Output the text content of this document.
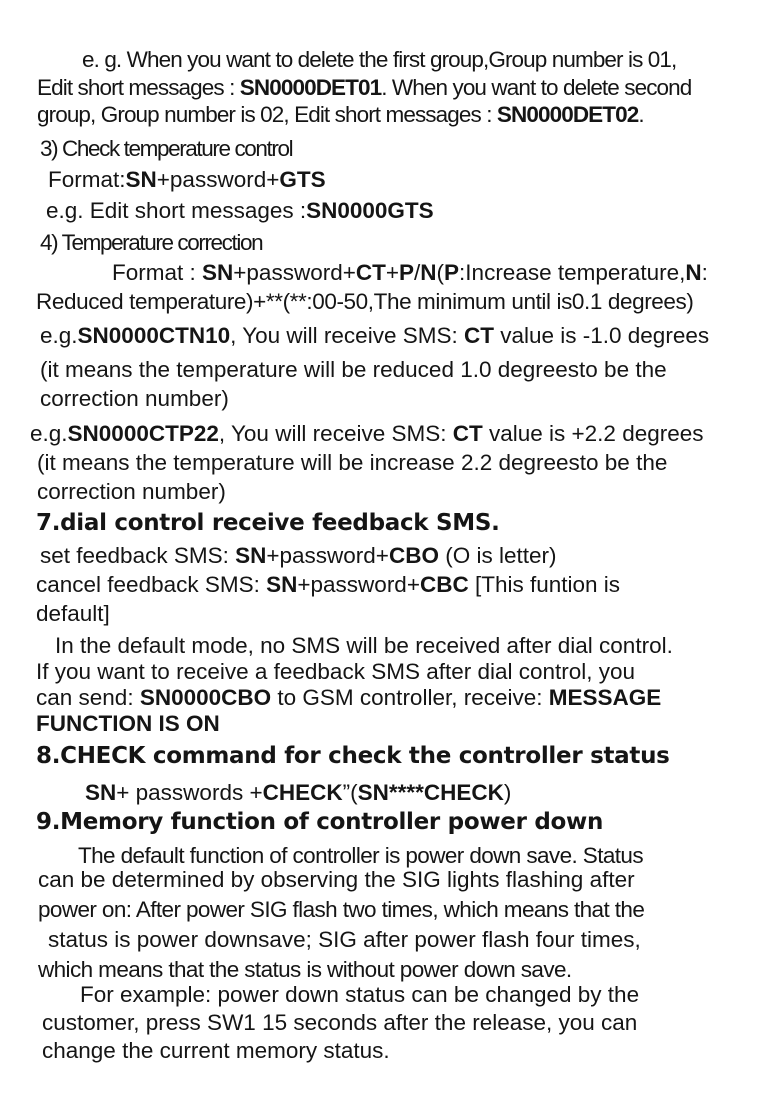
e. g. When you want to delete the first group,Group number is 01,
Edit short messages : SN0000DET01. When you want to delete second
group, Group number is 02, Edit short messages : SN0000DET02.
3) Check temperature control
Format:SN+password+GTS
e.g. Edit short messages :SN0000GTS
4) Temperature correction
Format : SN+password+CT+P/N(P:Increase temperature,N:
Reduced temperature)+**(**:00-50,The minimum until is0.1 degrees)
e.g.SN0000CTN10, You will receive SMS: CT value is -1.0 degrees
(it means the temperature will be reduced 1.0 degreesto be the
correction number)
e.g.SN0000CTP22, You will receive SMS: CT value is +2.2 degrees
(it means the temperature will be increase 2.2 degreesto be the
correction number)
7.dial control receive feedback SMS.
set feedback SMS: SN+password+CBO (O is letter)
cancel feedback SMS: SN+password+CBC [This funtion is
default]
In the default mode, no SMS will be received after dial control.
If you want to receive a feedback SMS after dial control, you
can send: SN0000CBO to GSM controller, receive: MESSAGE
FUNCTION IS ON
8.CHECK command for check the controller status
SN+ passwords +CHECK”(SN****CHECK)
9.Memory function of controller power down
The default function of controller is power down save. Status
can be determined by observing the SIG lights flashing after
power on: After power SIG flash two times, which means that the
status is power downsave; SIG after power flash four times,
which means that the status is without power down save.
For example: power down status can be changed by the
customer, press SW1 15 seconds after the release, you can
change the current memory status.
